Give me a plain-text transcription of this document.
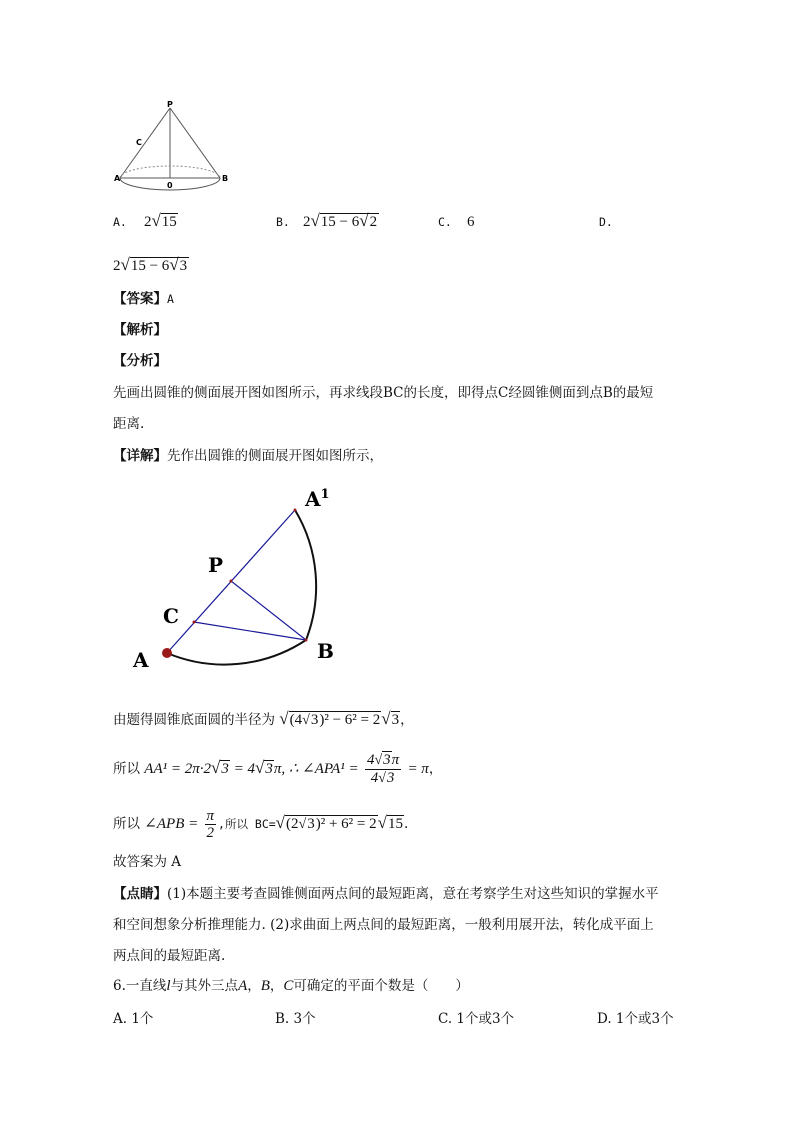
P
C
A
0
B
A. 2√15	B. 2√15 − 6√2	C. 6	D.
2√15 − 6√3
【答案】A
【解析】
【分析】
先画出圆锥的侧面展开图如图所示，再求线段BC的长度，即得点C经圆锥侧面到点B的最短
距离.
【详解】先作出圆锥的侧面展开图如图所示，
$A^1$
P
C
A	B
由题得圆锥底面圆的半径为 √(4√3)² − 6² = 2√3，
所以 AA¹ = 2π·2√3 = 4√3π, ∴ ∠APA¹ = $\frac{4√3\pi}{4√3} = \pi$，
所以 ∠APB = $\frac{\pi}{2}$ ,所以 BC=√(2√3)² + 6² = 2√15.
故答案为 A
【点睛】(1)本题主要考查圆锥侧面两点间的最短距离，意在考察学生对这些知识的掌握水平
和空间想象分析推理能力. (2)求曲面上两点间的最短距离，一般利用展开法，转化成平面上
两点间的最短距离.
6.一直线l与其外三点A，B，C可确定的平面个数是（　　）
A. 1个	B. 3个	C. 1个或3个	D. 1个或3个
